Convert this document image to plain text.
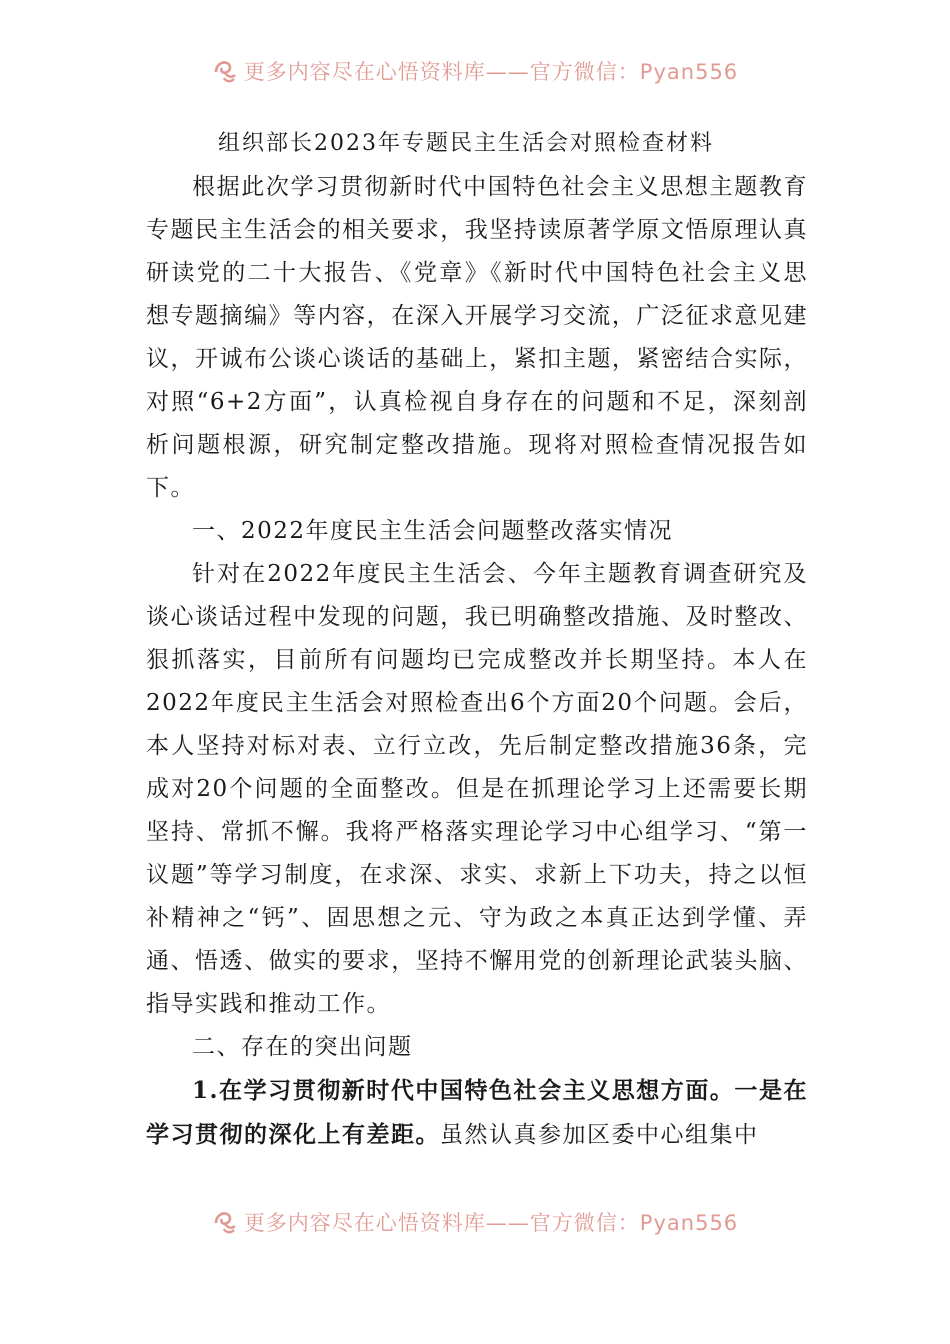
更多内容尽在心悟资料库——官方微信：Pyan556
组织部长2023年专题民主生活会对照检查材料

根据此次学习贯彻新时代中国特色社会主义思想主题教育专题民主生活会的相关要求，我坚持读原著学原文悟原理认真研读党的二十大报告、《党章》《新时代中国特色社会主义思想专题摘编》等内容，在深入开展学习交流，广泛征求意见建议，开诚布公谈心谈话的基础上，紧扣主题，紧密结合实际，对照“6+2方面”，认真检视自身存在的问题和不足，深刻剖析问题根源，研究制定整改措施。现将对照检查情况报告如下。

一、2022年度民主生活会问题整改落实情况

针对在2022年度民主生活会、今年主题教育调查研究及谈心谈话过程中发现的问题，我已明确整改措施、及时整改、狠抓落实，目前所有问题均已完成整改并长期坚持。本人在2022年度民主生活会对照检查出6个方面20个问题。会后，本人坚持对标对表、立行立改，先后制定整改措施36条，完成对20个问题的全面整改。但是在抓理论学习上还需要长期坚持、常抓不懈。我将严格落实理论学习中心组学习、“第一议题”等学习制度，在求深、求实、求新上下功夫，持之以恒补精神之“钙”、固思想之元、守为政之本真正达到学懂、弄通、悟透、做实的要求，坚持不懈用党的创新理论武装头脑、指导实践和推动工作。

二、存在的突出问题

1.在学习贯彻新时代中国特色社会主义思想方面。一是在学习贯彻的深化上有差距。虽然认真参加区委中心组集中

更多内容尽在心悟资料库——官方微信：Pyan556
